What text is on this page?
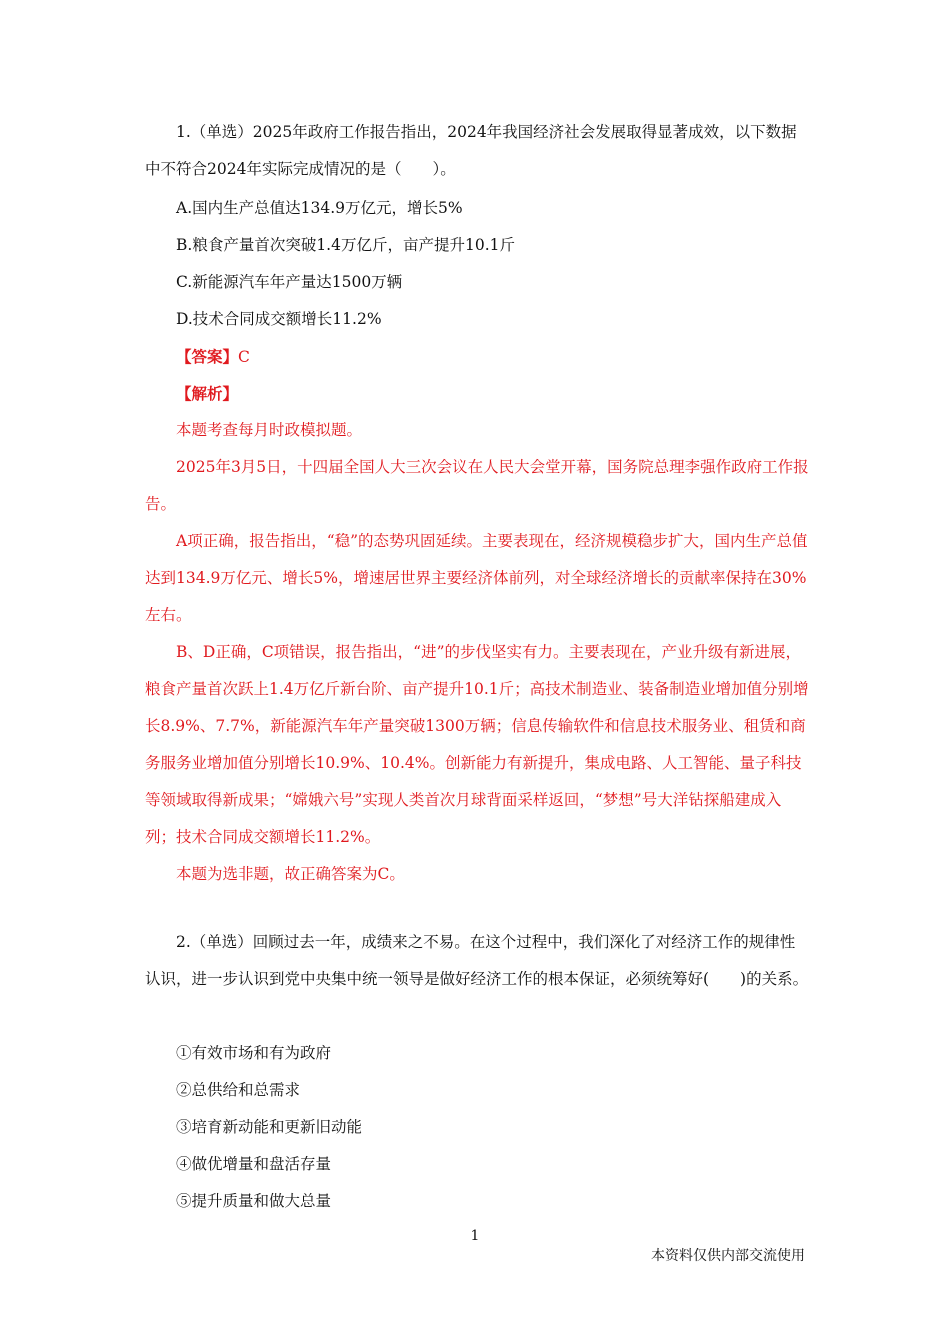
1.（单选）2025年政府工作报告指出，2024年我国经济社会发展取得显著成效，以下数据中不符合2024年实际完成情况的是（　　）。

A.国内生产总值达134.9万亿元，增长5%

B.粮食产量首次突破1.4万亿斤，亩产提升10.1斤

C.新能源汽车年产量达1500万辆

D.技术合同成交额增长11.2%

【答案】C

【解析】

本题考查每月时政模拟题。

2025年3月5日，十四届全国人大三次会议在人民大会堂开幕，国务院总理李强作政府工作报告。

A项正确，报告指出，“稳”的态势巩固延续。主要表现在，经济规模稳步扩大，国内生产总值达到134.9万亿元、增长5%，增速居世界主要经济体前列，对全球经济增长的贡献率保持在30%左右。

B、D正确，C项错误，报告指出，“进”的步伐坚实有力。主要表现在，产业升级有新进展，粮食产量首次跃上1.4万亿斤新台阶、亩产提升10.1斤；高技术制造业、装备制造业增加值分别增长8.9%、7.7%，新能源汽车年产量突破1300万辆；信息传输软件和信息技术服务业、租赁和商务服务业增加值分别增长10.9%、10.4%。创新能力有新提升，集成电路、人工智能、量子科技等领域取得新成果；“嫦娥六号”实现人类首次月球背面采样返回，“梦想”号大洋钻探船建成入列；技术合同成交额增长11.2%。

本题为选非题，故正确答案为C。

2.（单选）回顾过去一年，成绩来之不易。在这个过程中，我们深化了对经济工作的规律性认识，进一步认识到党中央集中统一领导是做好经济工作的根本保证，必须统筹好(　　)的关系。

①有效市场和有为政府

②总供给和总需求

③培育新动能和更新旧动能

④做优增量和盘活存量

⑤提升质量和做大总量

1
本资料仅供内部交流使用
